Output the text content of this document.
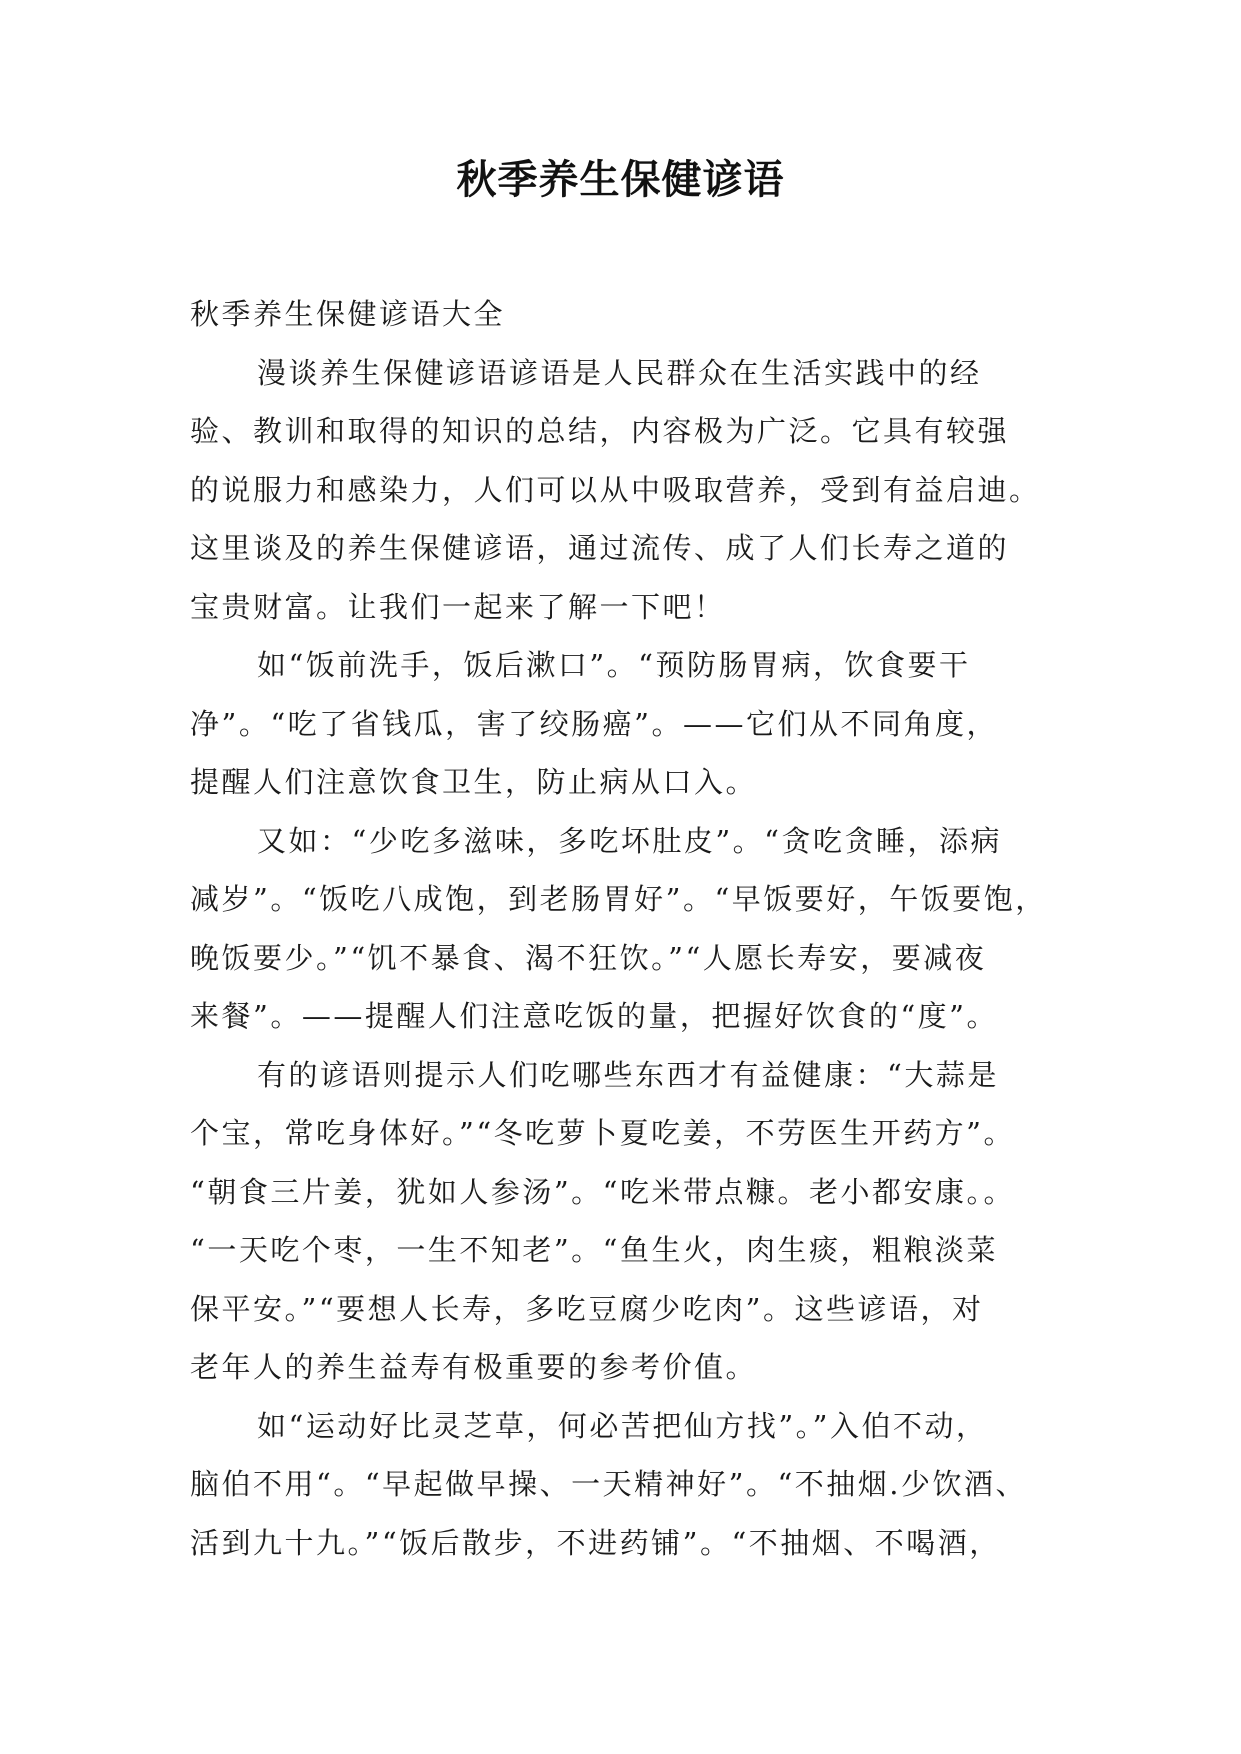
秋季养生保健谚语
秋季养生保健谚语大全
漫谈养生保健谚语谚语是人民群众在生活实践中的经
验、教训和取得的知识的总结，内容极为广泛。它具有较强
的说服力和感染力，人们可以从中吸取营养，受到有益启迪。
这里谈及的养生保健谚语，通过流传、成了人们长寿之道的
宝贵财富。让我们一起来了解一下吧！
如“饭前洗手，饭后漱口”。“预防肠胃病，饮食要干
净”。“吃了省钱瓜，害了绞肠癌”。——它们从不同角度，
提醒人们注意饮食卫生，防止病从口入。
又如：“少吃多滋味，多吃坏肚皮”。“贪吃贪睡，添病
减岁”。“饭吃八成饱，到老肠胃好”。“早饭要好，午饭要饱，
晚饭要少。”“饥不暴食、渴不狂饮。”“人愿长寿安，要减夜
来餐”。——提醒人们注意吃饭的量，把握好饮食的“度”。
有的谚语则提示人们吃哪些东西才有益健康：“大蒜是
个宝，常吃身体好。”“冬吃萝卜夏吃姜，不劳医生开药方”。
“朝食三片姜，犹如人参汤”。“吃米带点糠。老小都安康。。
“一天吃个枣，一生不知老”。“鱼生火，肉生痰，粗粮淡菜
保平安。”“要想人长寿，多吃豆腐少吃肉”。这些谚语，对
老年人的养生益寿有极重要的参考价值。
如“运动好比灵芝草，何必苦把仙方找”。”入伯不动，
脑伯不用“。“早起做早操、一天精神好”。“不抽烟.少饮酒、
活到九十九。”“饭后散步，不进药铺”。“不抽烟、不喝酒，
